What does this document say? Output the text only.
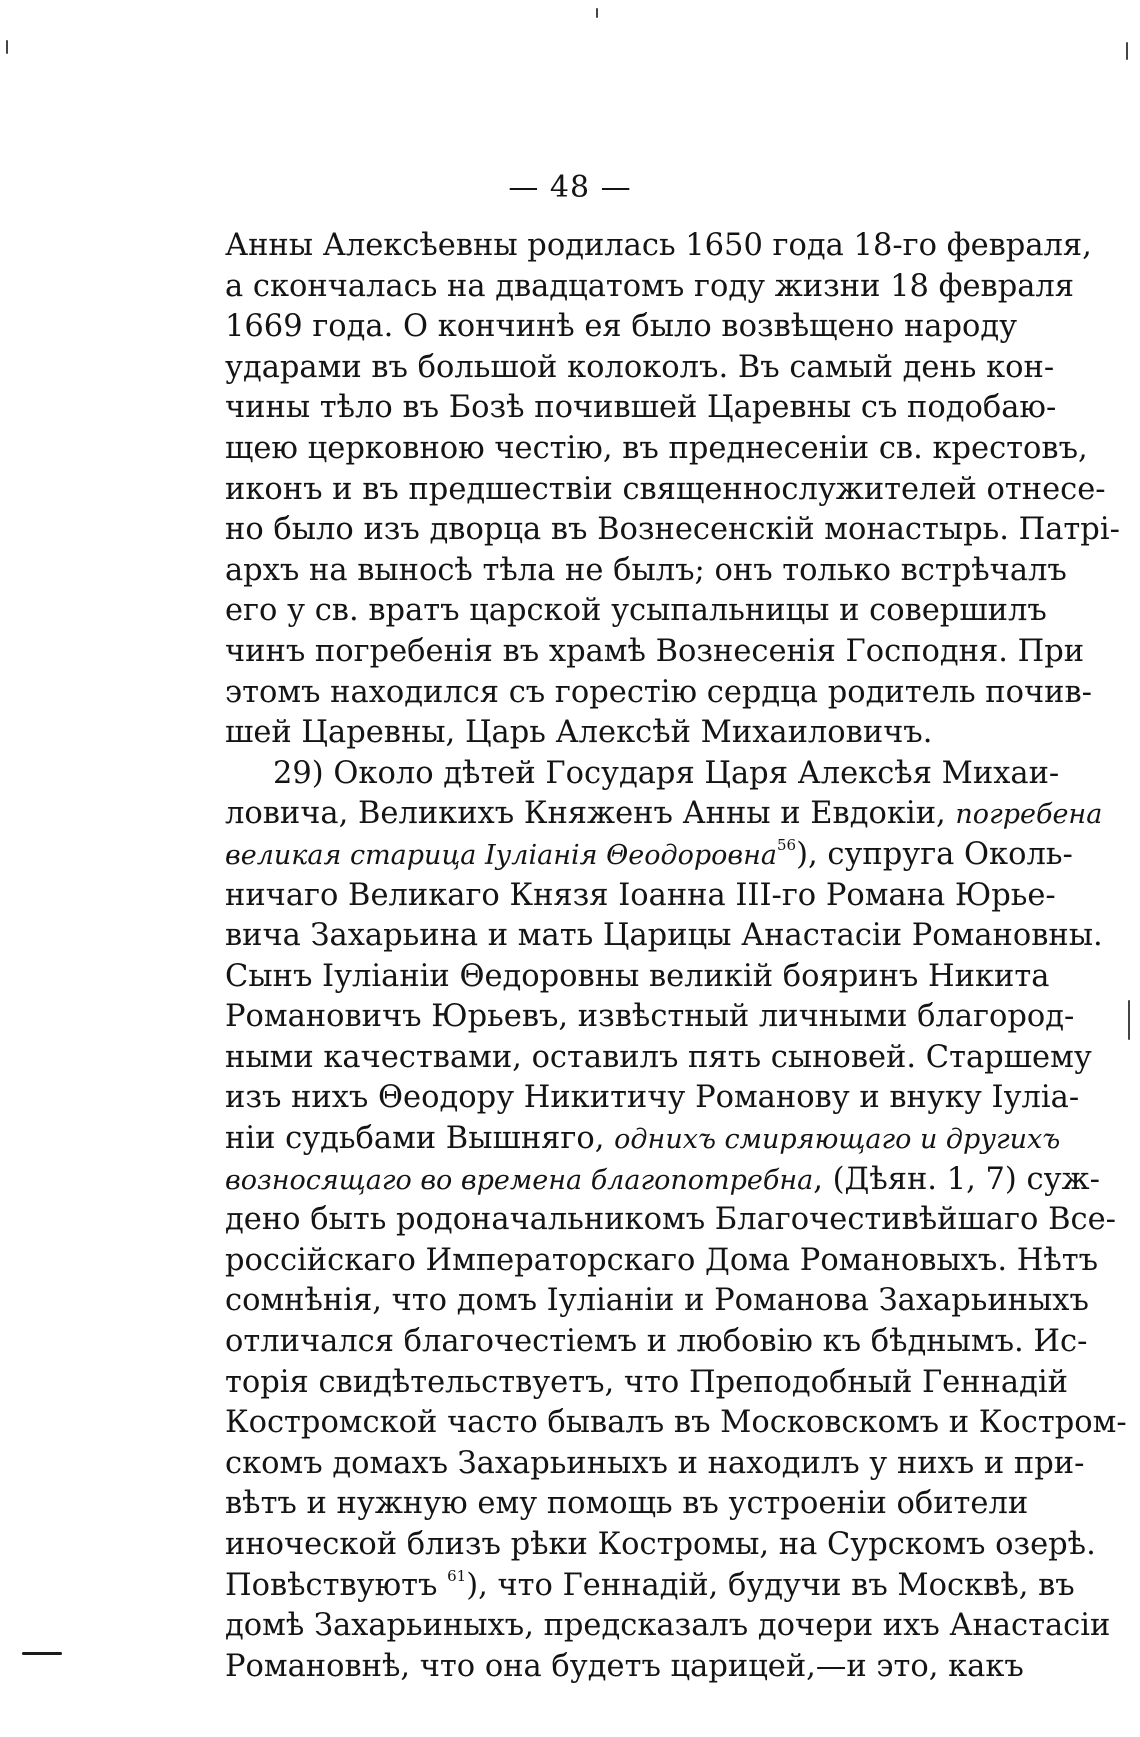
— 48 —
Анны Алексѣевны родилась 1650 года 18-го февраля,
а скончалась на двадцатомъ году жизни 18 февраля
1669 года. О кончинѣ ея было возвѣщено народу
ударами въ большой колоколъ. Въ самый день кон-
чины тѣло въ Бозѣ почившей Царевны съ подобаю-
щею церковною честiю, въ преднесенiи св. крестовъ,
иконъ и въ предшествiи священнослужителей отнесе-
но было изъ дворца въ Вознесенскiй монастырь. Патрi-
архъ на выносѣ тѣла не былъ; онъ только встрѣчалъ
его у св. вратъ царской усыпальницы и совершилъ
чинъ погребенiя въ храмѣ Вознесенiя Господня. При
этомъ находился съ горестiю сердца родитель почив-
шей Царевны, Царь Алексѣй Михаиловичъ.
29) Около дѣтей Государя Царя Алексѣя Михаи-
ловича, Великихъ Княженъ Анны и Евдокiи, погребена
великая старица Iулiанiя Θеодоровна$^{56}$), супруга Околь-
ничаго Великаго Князя Iоанна III-го Романа Юрье-
вича Захарьина и мать Царицы Анастасiи Романовны.
Сынъ Iулiанiи Θедоровны великiй бояринъ Никита
Романовичъ Юрьевъ, извѣстный личными благород-
ными качествами, оставилъ пять сыновей. Старшему
изъ нихъ Θеодору Никитичу Романову и внуку Iулiа-
нiи судьбами Вышняго, однихъ смиряющаго и другихъ
возносящаго во времена благопотребна, (Дѣян. 1, 7) суж-
дено быть родоначальникомъ Благочестивѣйшаго Все-
россiйскаго Императорскаго Дома Романовыхъ. Нѣтъ
сомнѣнiя, что домъ Iулiанiи и Романова Захарьиныхъ
отличался благочестiемъ и любовiю къ бѣднымъ. Ис-
торiя свидѣтельствуетъ, что Преподобный Геннадiй
Костромской часто бывалъ въ Московскомъ и Костром-
скомъ домахъ Захарьиныхъ и находилъ у нихъ и при-
вѣтъ и нужную ему помощь въ устроенiи обители
иноческой близъ рѣки Костромы, на Сурскомъ озерѣ.
Повѣствуютъ $^{61}$), что Геннадiй, будучи въ Москвѣ, въ
домѣ Захарьиныхъ, предсказалъ дочери ихъ Анастасiи
Романовнѣ, что она будетъ царицей,—и это, какъ
